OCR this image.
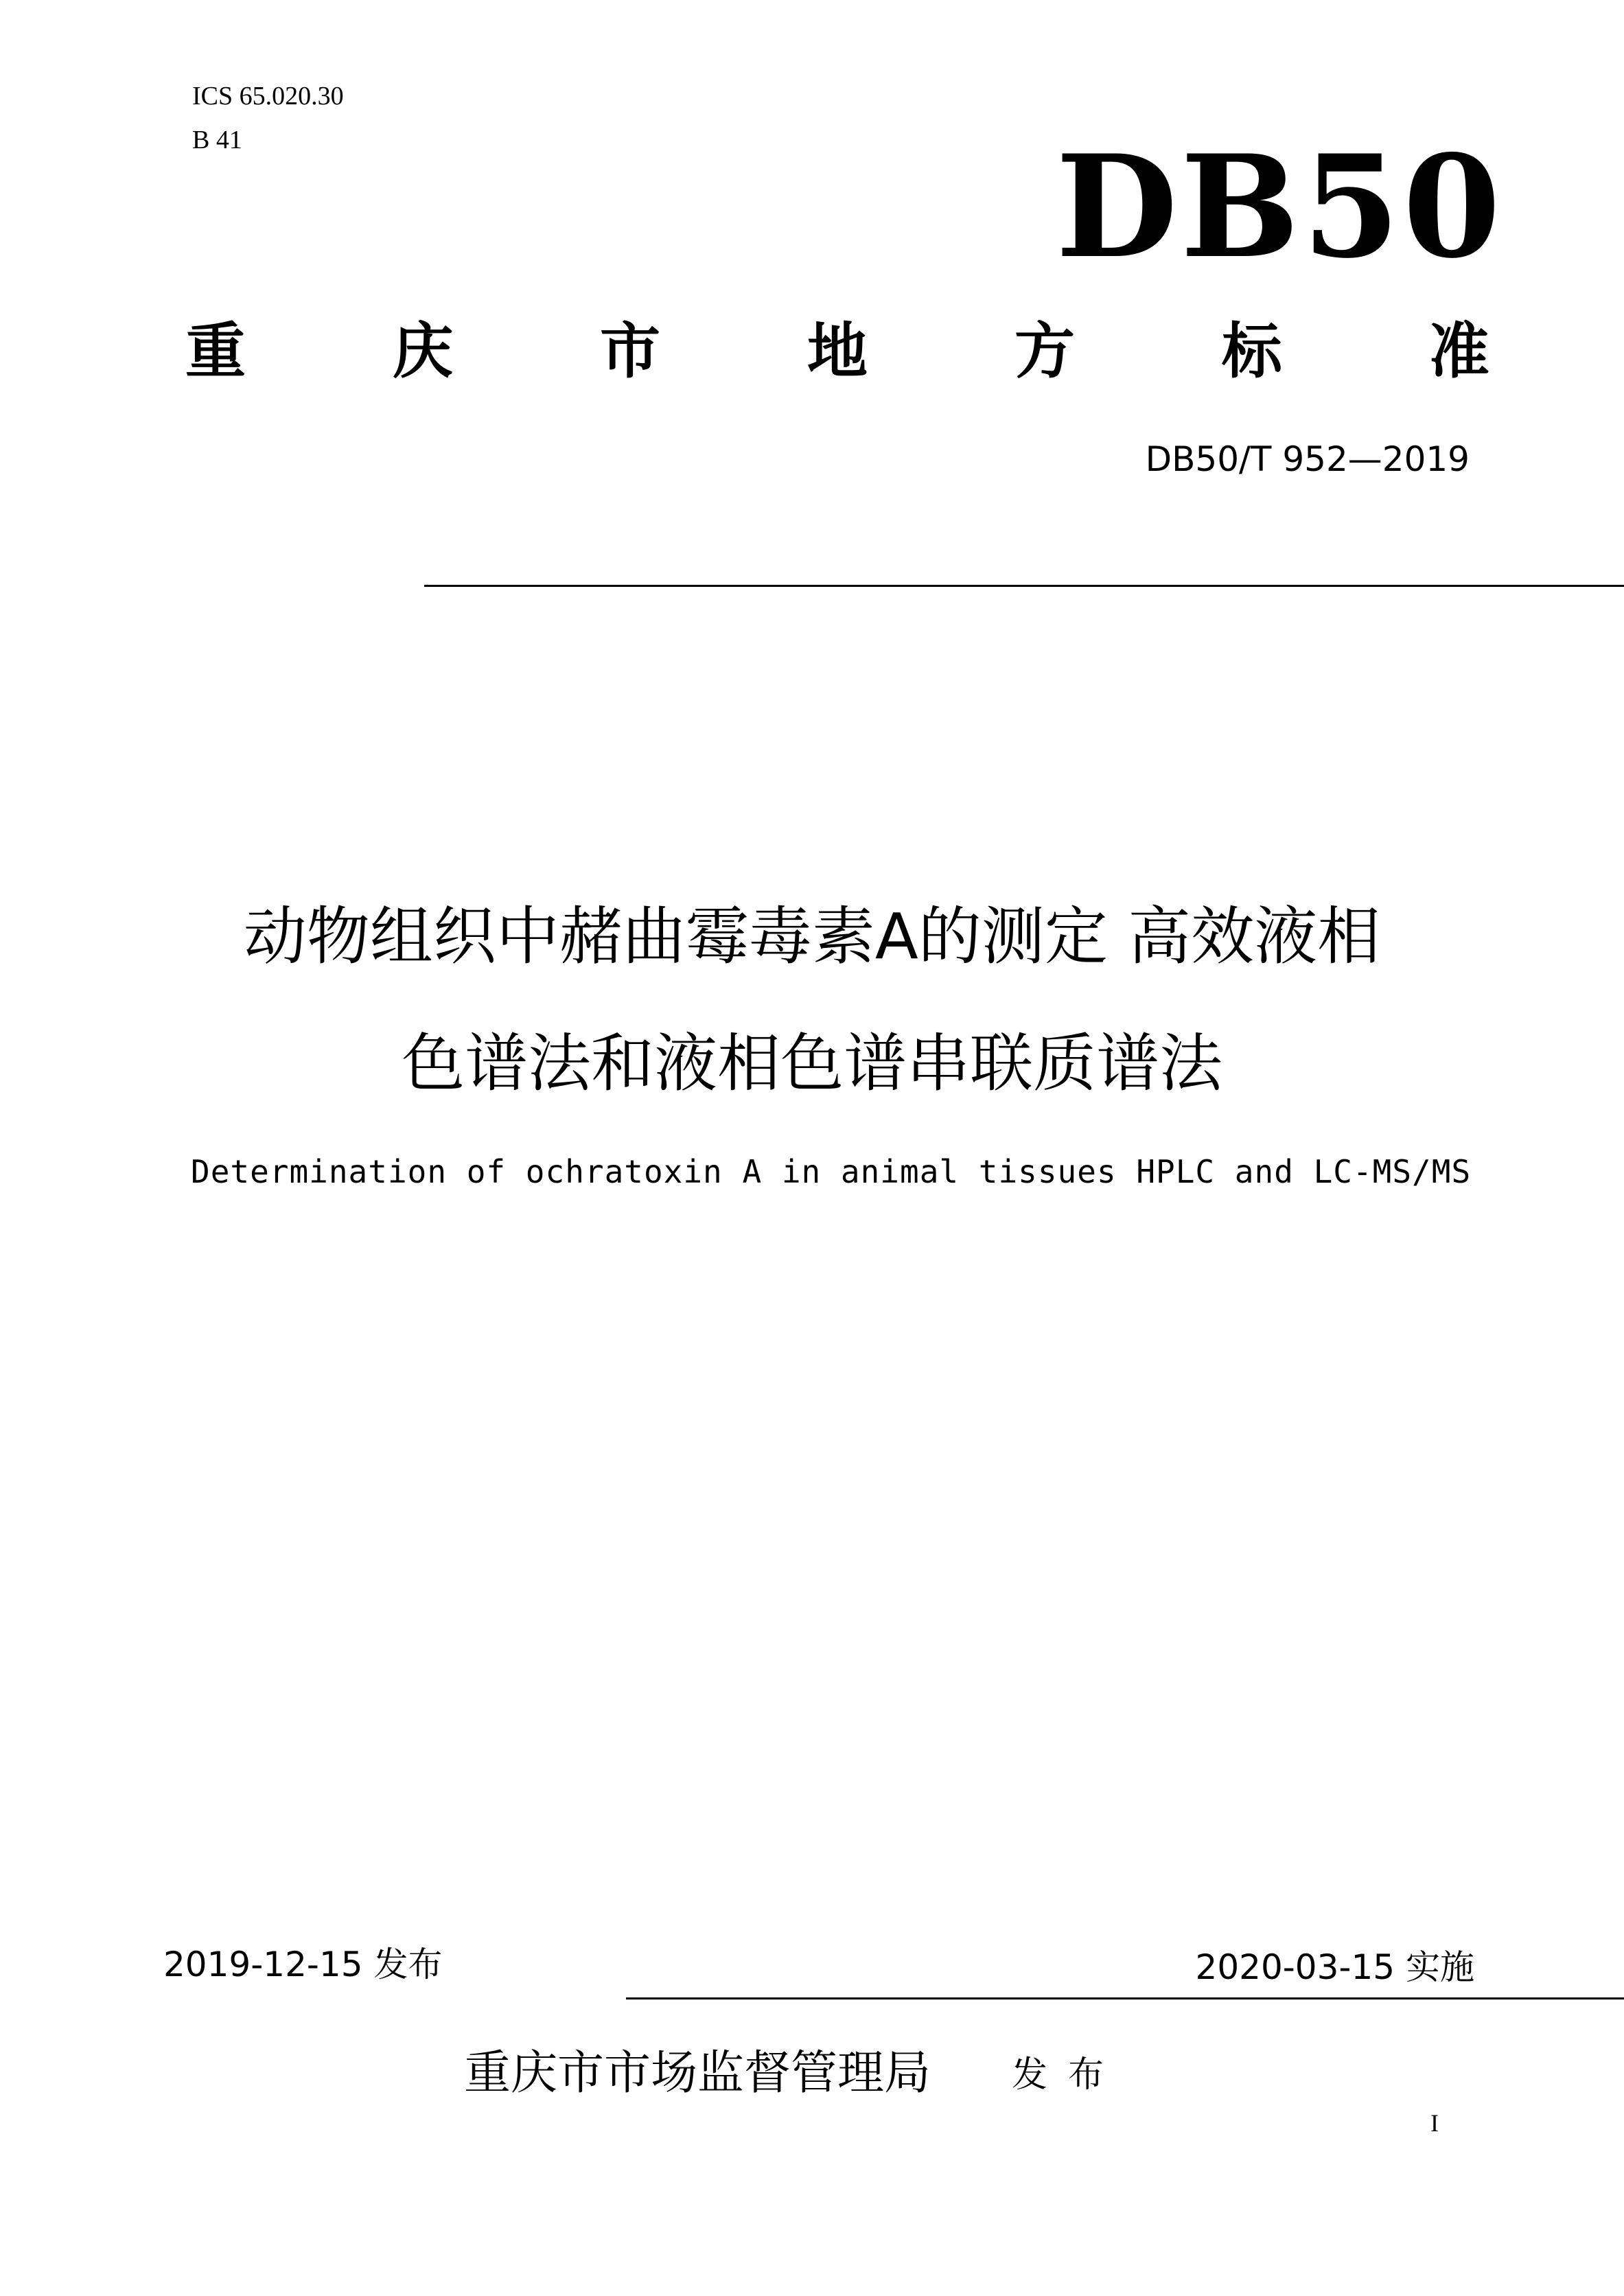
ICS 65.020.30
B 41	DB50
重 庆 市 地 方 标 准
DB50/T 952—2019
动物组织中赭曲霉毒素A的测定 高效液相
色谱法和液相色谱串联质谱法
Determination of ochratoxin A in animal tissues HPLC and LC-MS/MS
2019-12-15 发布	2020-03-15 实施
重庆市市场监督管理局 发布
I
